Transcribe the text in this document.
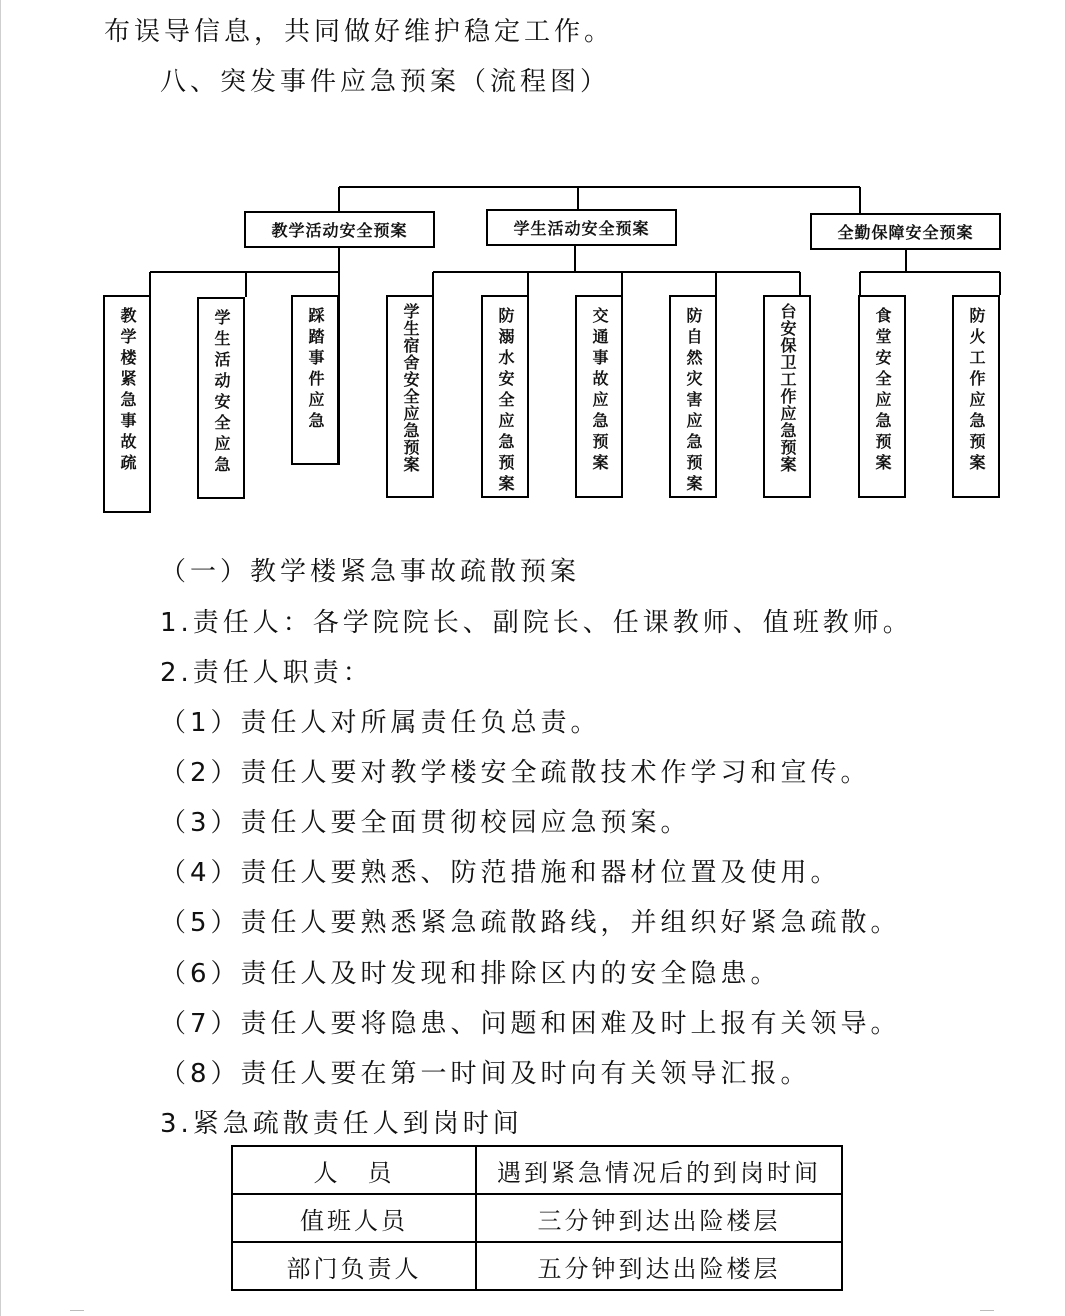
布误导信息，共同做好维护稳定工作。
八、突发事件应急预案（流程图）
教学活动安全预案	学生活动安全预案	全勤保障安全预案
教学楼紧急事故疏	学生活动安全应急	踩踏事件应急	学生宿舍安全应急预案	防溺水安全应急预案	交通事故应急预案	防自然灾害应急预案	台安保卫工作应急预案	食堂安全应急预案	防火工作应急预案
（一）教学楼紧急事故疏散预案
1.责任人：各学院院长、副院长、任课教师、值班教师。
2.责任人职责：
（1）责任人对所属责任负总责。
（2）责任人要对教学楼安全疏散技术作学习和宣传。
（3）责任人要全面贯彻校园应急预案。
（4）责任人要熟悉、防范措施和器材位置及使用。
（5）责任人要熟悉紧急疏散路线，并组织好紧急疏散。
（6）责任人及时发现和排除区内的安全隐患。
（7）责任人要将隐患、问题和困难及时上报有关领导。
（8）责任人要在第一时间及时向有关领导汇报。
3.紧急疏散责任人到岗时间
人　员	遇到紧急情况后的到岗时间
值班人员	三分钟到达出险楼层
部门负责人	五分钟到达出险楼层
